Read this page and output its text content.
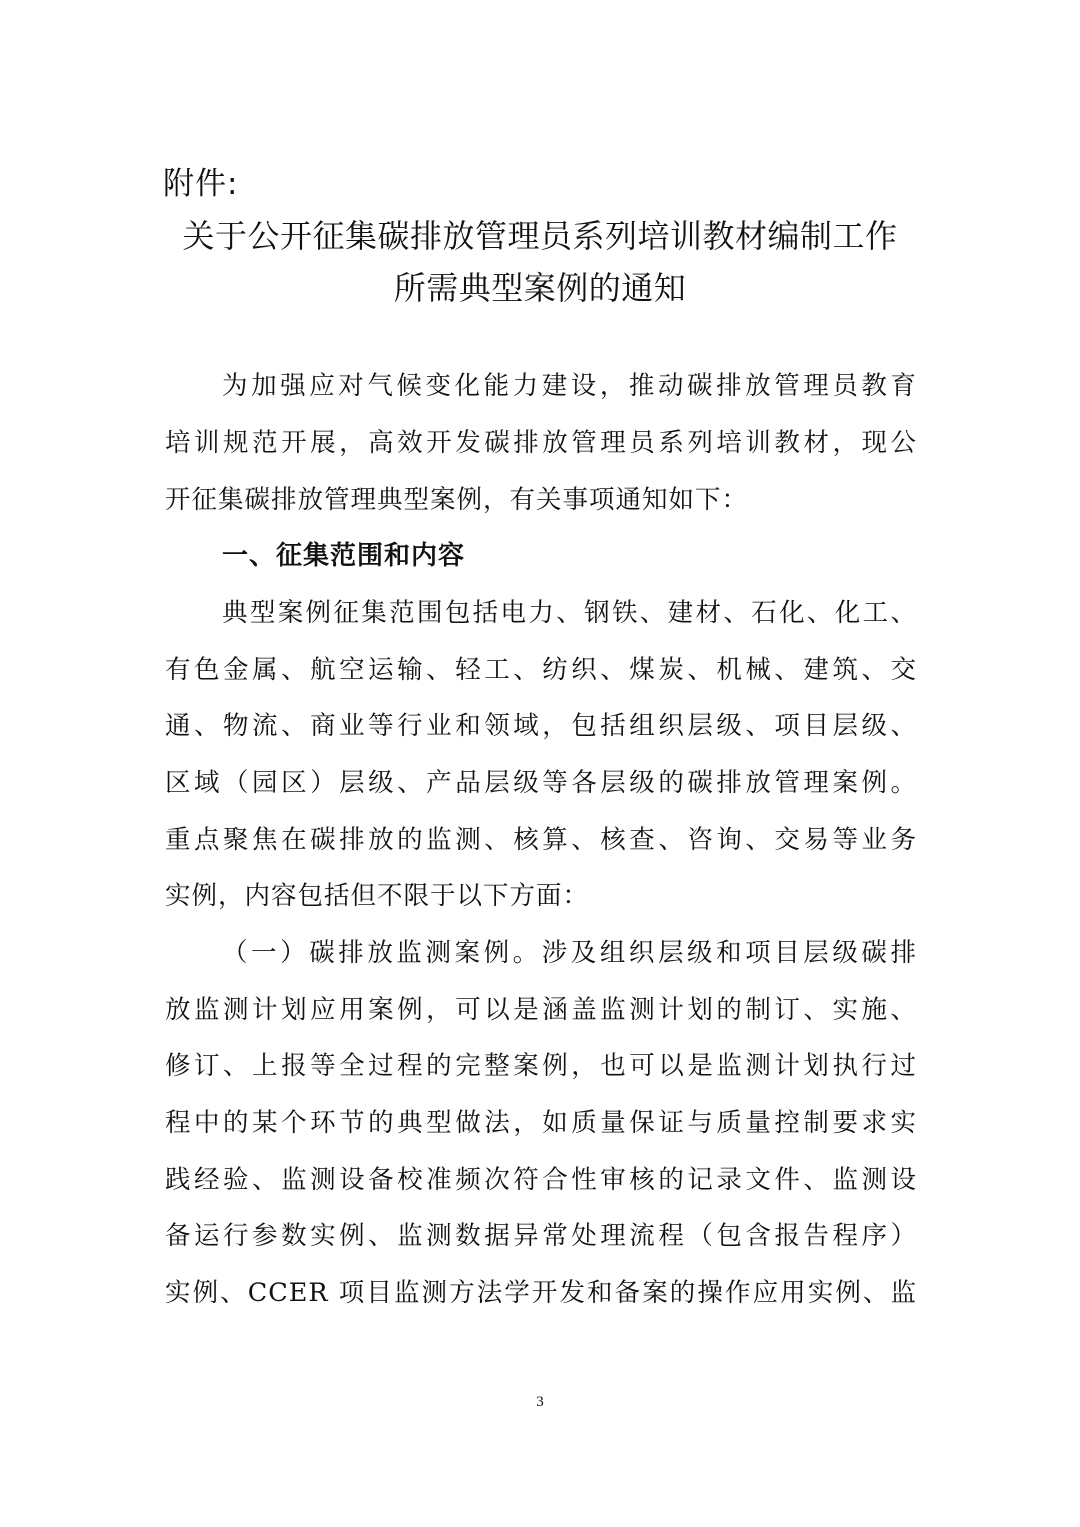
附件:
关于公开征集碳排放管理员系列培训教材编制工作
所需典型案例的通知
为加强应对气候变化能力建设，推动碳排放管理员教育
培训规范开展，高效开发碳排放管理员系列培训教材，现公
开征集碳排放管理典型案例，有关事项通知如下：
一、征集范围和内容
典型案例征集范围包括电力、钢铁、建材、石化、化工、
有色金属、航空运输、轻工、纺织、煤炭、机械、建筑、交
通、物流、商业等行业和领域，包括组织层级、项目层级、
区域（园区）层级、产品层级等各层级的碳排放管理案例。
重点聚焦在碳排放的监测、核算、核查、咨询、交易等业务
实例，内容包括但不限于以下方面：
（一）碳排放监测案例。涉及组织层级和项目层级碳排
放监测计划应用案例，可以是涵盖监测计划的制订、实施、
修订、上报等全过程的完整案例，也可以是监测计划执行过
程中的某个环节的典型做法，如质量保证与质量控制要求实
践经验、监测设备校准频次符合性审核的记录文件、监测设
备运行参数实例、监测数据异常处理流程（包含报告程序）
实例、CCER 项目监测方法学开发和备案的操作应用实例、监
3
